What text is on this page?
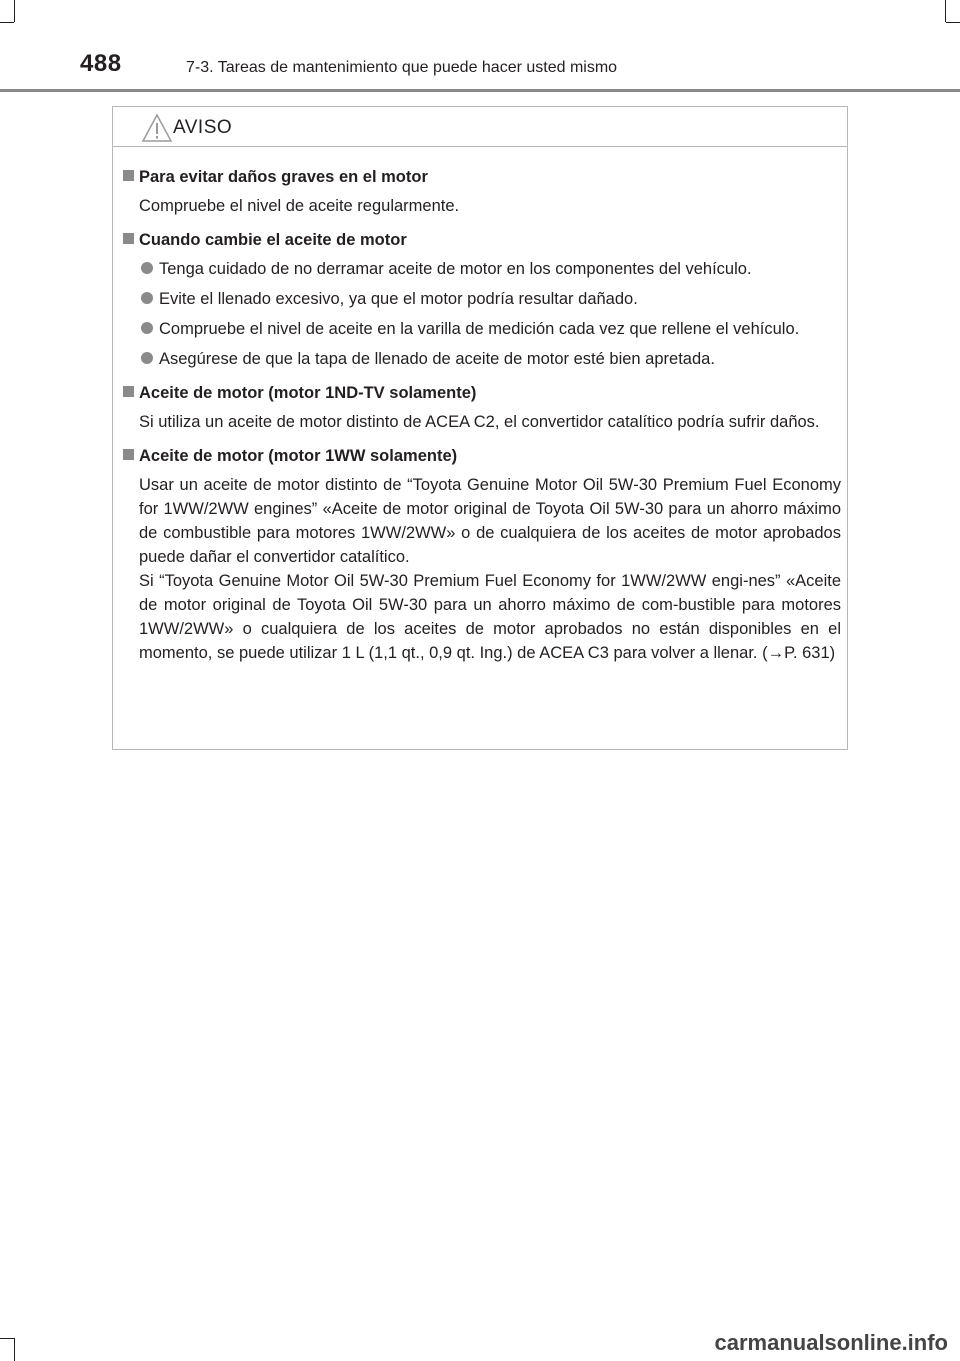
488	7-3. Tareas de mantenimiento que puede hacer usted mismo
AVISO
Para evitar daños graves en el motor
Compruebe el nivel de aceite regularmente.
Cuando cambie el aceite de motor
Tenga cuidado de no derramar aceite de motor en los componentes del vehículo.
Evite el llenado excesivo, ya que el motor podría resultar dañado.
Compruebe el nivel de aceite en la varilla de medición cada vez que rellene el vehículo.
Asegúrese de que la tapa de llenado de aceite de motor esté bien apretada.
Aceite de motor (motor 1ND-TV solamente)
Si utiliza un aceite de motor distinto de ACEA C2, el convertidor catalítico podría sufrir daños.
Aceite de motor (motor 1WW solamente)
Usar un aceite de motor distinto de “Toyota Genuine Motor Oil 5W-30 Premium Fuel Economy for 1WW/2WW engines” «Aceite de motor original de Toyota Oil 5W-30 para un ahorro máximo de combustible para motores 1WW/2WW» o de cualquiera de los aceites de motor aprobados puede dañar el convertidor catalítico.
Si “Toyota Genuine Motor Oil 5W-30 Premium Fuel Economy for 1WW/2WW engi-nes” «Aceite de motor original de Toyota Oil 5W-30 para un ahorro máximo de com-bustible para motores 1WW/2WW» o cualquiera de los aceites de motor aprobados no están disponibles en el momento, se puede utilizar 1 L (1,1 qt., 0,9 qt. Ing.) de ACEA C3 para volver a llenar. (→P. 631)
carmanualsonline.info
